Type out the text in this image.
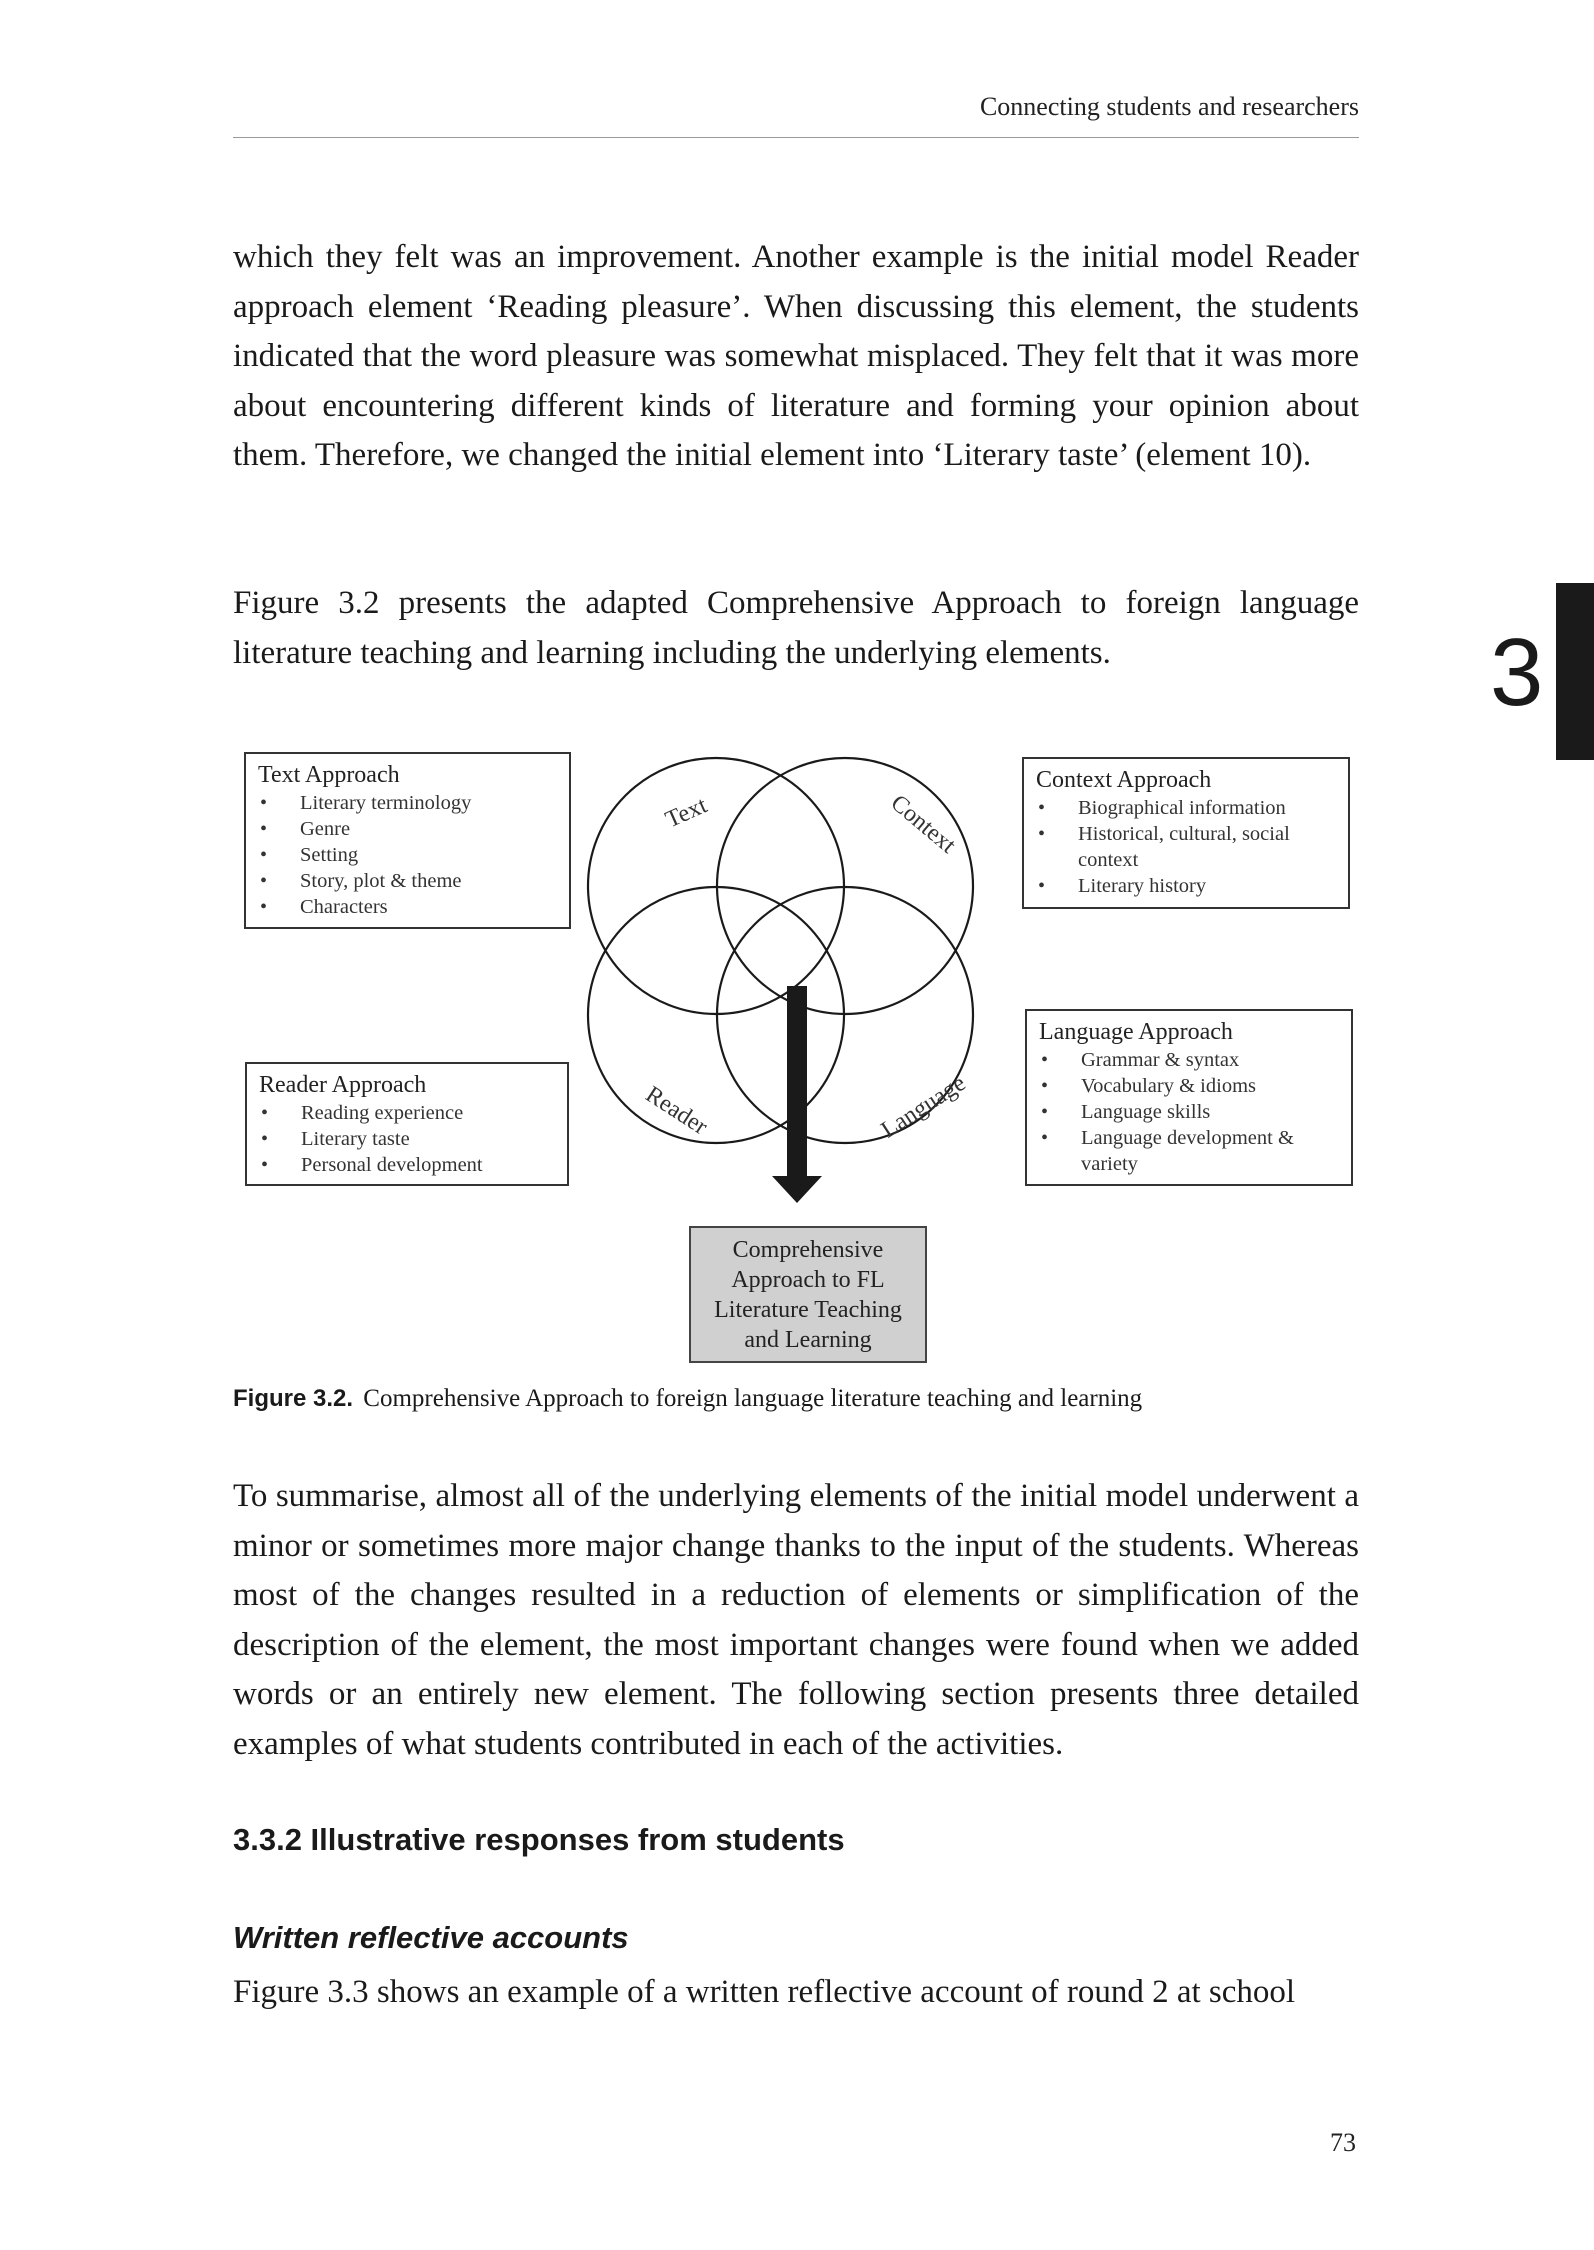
Connecting students and researchers

which they felt was an improvement. Another example is the initial model Reader approach element ‘Reading pleasure’. When discussing this element, the students indicated that the word pleasure was somewhat misplaced. They felt that it was more about encountering different kinds of literature and forming your opinion about them. Therefore, we changed the initial element into ‘Literary taste’ (element 10).

Figure 3.2 presents the adapted Comprehensive Approach to foreign language literature teaching and learning including the underlying elements.	3
Text	Context
Reader	Language
Text Approach
• Literary terminology
• Genre
• Setting
• Story, plot & theme
• Characters
Context Approach
• Biographical information
• Historical, cultural, social context
• Literary history
Reader Approach
• Reading experience
• Literary taste
• Personal development
Language Approach
• Grammar & syntax
• Vocabulary & idioms
• Language skills
• Language development & variety
Comprehensive
Approach to FL
Literature Teaching
and Learning
Figure 3.2. Comprehensive Approach to foreign language literature teaching and learning

To summarise, almost all of the underlying elements of the initial model underwent a minor or sometimes more major change thanks to the input of the students. Whereas most of the changes resulted in a reduction of elements or simplification of the description of the element, the most important changes were found when we added words or an entirely new element. The following section presents three detailed examples of what students contributed in each of the activities.

3.3.2 Illustrative responses from students
Written reflective accounts

Figure 3.3 shows an example of a written reflective account of round 2 at school

73
